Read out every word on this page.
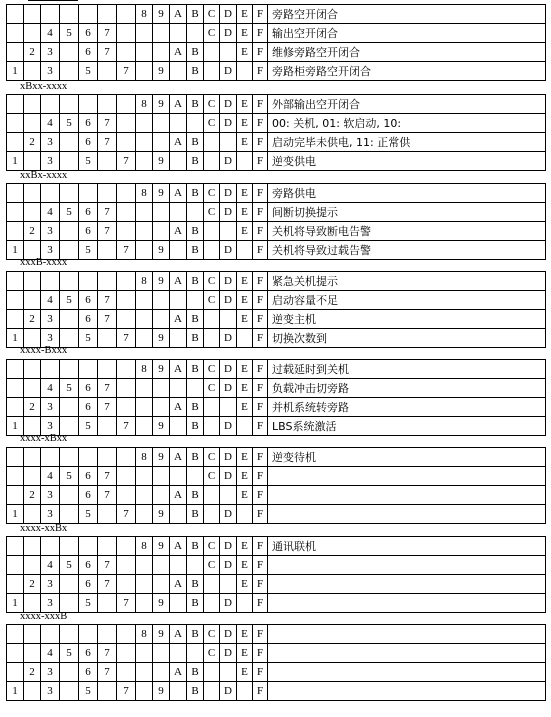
							8	9	A	B	C	D	E	F	旁路空开闭合
		4	5	6	7						C	D	E	F	输出空开闭合
	2	3		6	7				A	B			E	F	维修旁路空开闭合
1		3		5		7		9		B		D		F	旁路柜旁路空开闭合
xBxx-xxxx
							8	9	A	B	C	D	E	F	外部输出空开闭合
		4	5	6	7						C	D	E	F	00: 关机, 01: 软启动, 10:
	2	3		6	7				A	B			E	F	启动完毕未供电, 11: 正常供
1		3		5		7		9		B		D		F	逆变供电
xxBx-xxxx
							8	9	A	B	C	D	E	F	旁路供电
		4	5	6	7						C	D	E	F	间断切换提示
	2	3		6	7				A	B			E	F	关机将导致断电告警
1		3		5		7		9		B		D		F	关机将导致过载告警
xxxB-xxxx
							8	9	A	B	C	D	E	F	紧急关机提示
		4	5	6	7						C	D	E	F	启动容量不足
	2	3		6	7				A	B			E	F	逆变主机
1		3		5		7		9		B		D		F	切换次数到
xxxx-Bxxx
							8	9	A	B	C	D	E	F	过载延时到关机
		4	5	6	7						C	D	E	F	负载冲击切旁路
	2	3		6	7				A	B			E	F	并机系统转旁路
1		3		5		7		9		B		D		F	LBS系统激活
xxxx-xBxx
							8	9	A	B	C	D	E	F	逆变待机
		4	5	6	7						C	D	E	F	
	2	3		6	7				A	B			E	F	
1		3		5		7		9		B		D		F	
xxxx-xxBx
							8	9	A	B	C	D	E	F	通讯联机
		4	5	6	7						C	D	E	F	
	2	3		6	7				A	B			E	F	
1		3		5		7		9		B		D		F	
xxxx-xxxB
							8	9	A	B	C	D	E	F	
		4	5	6	7						C	D	E	F	
	2	3		6	7				A	B			E	F	
1		3		5		7		9		B		D		F	
